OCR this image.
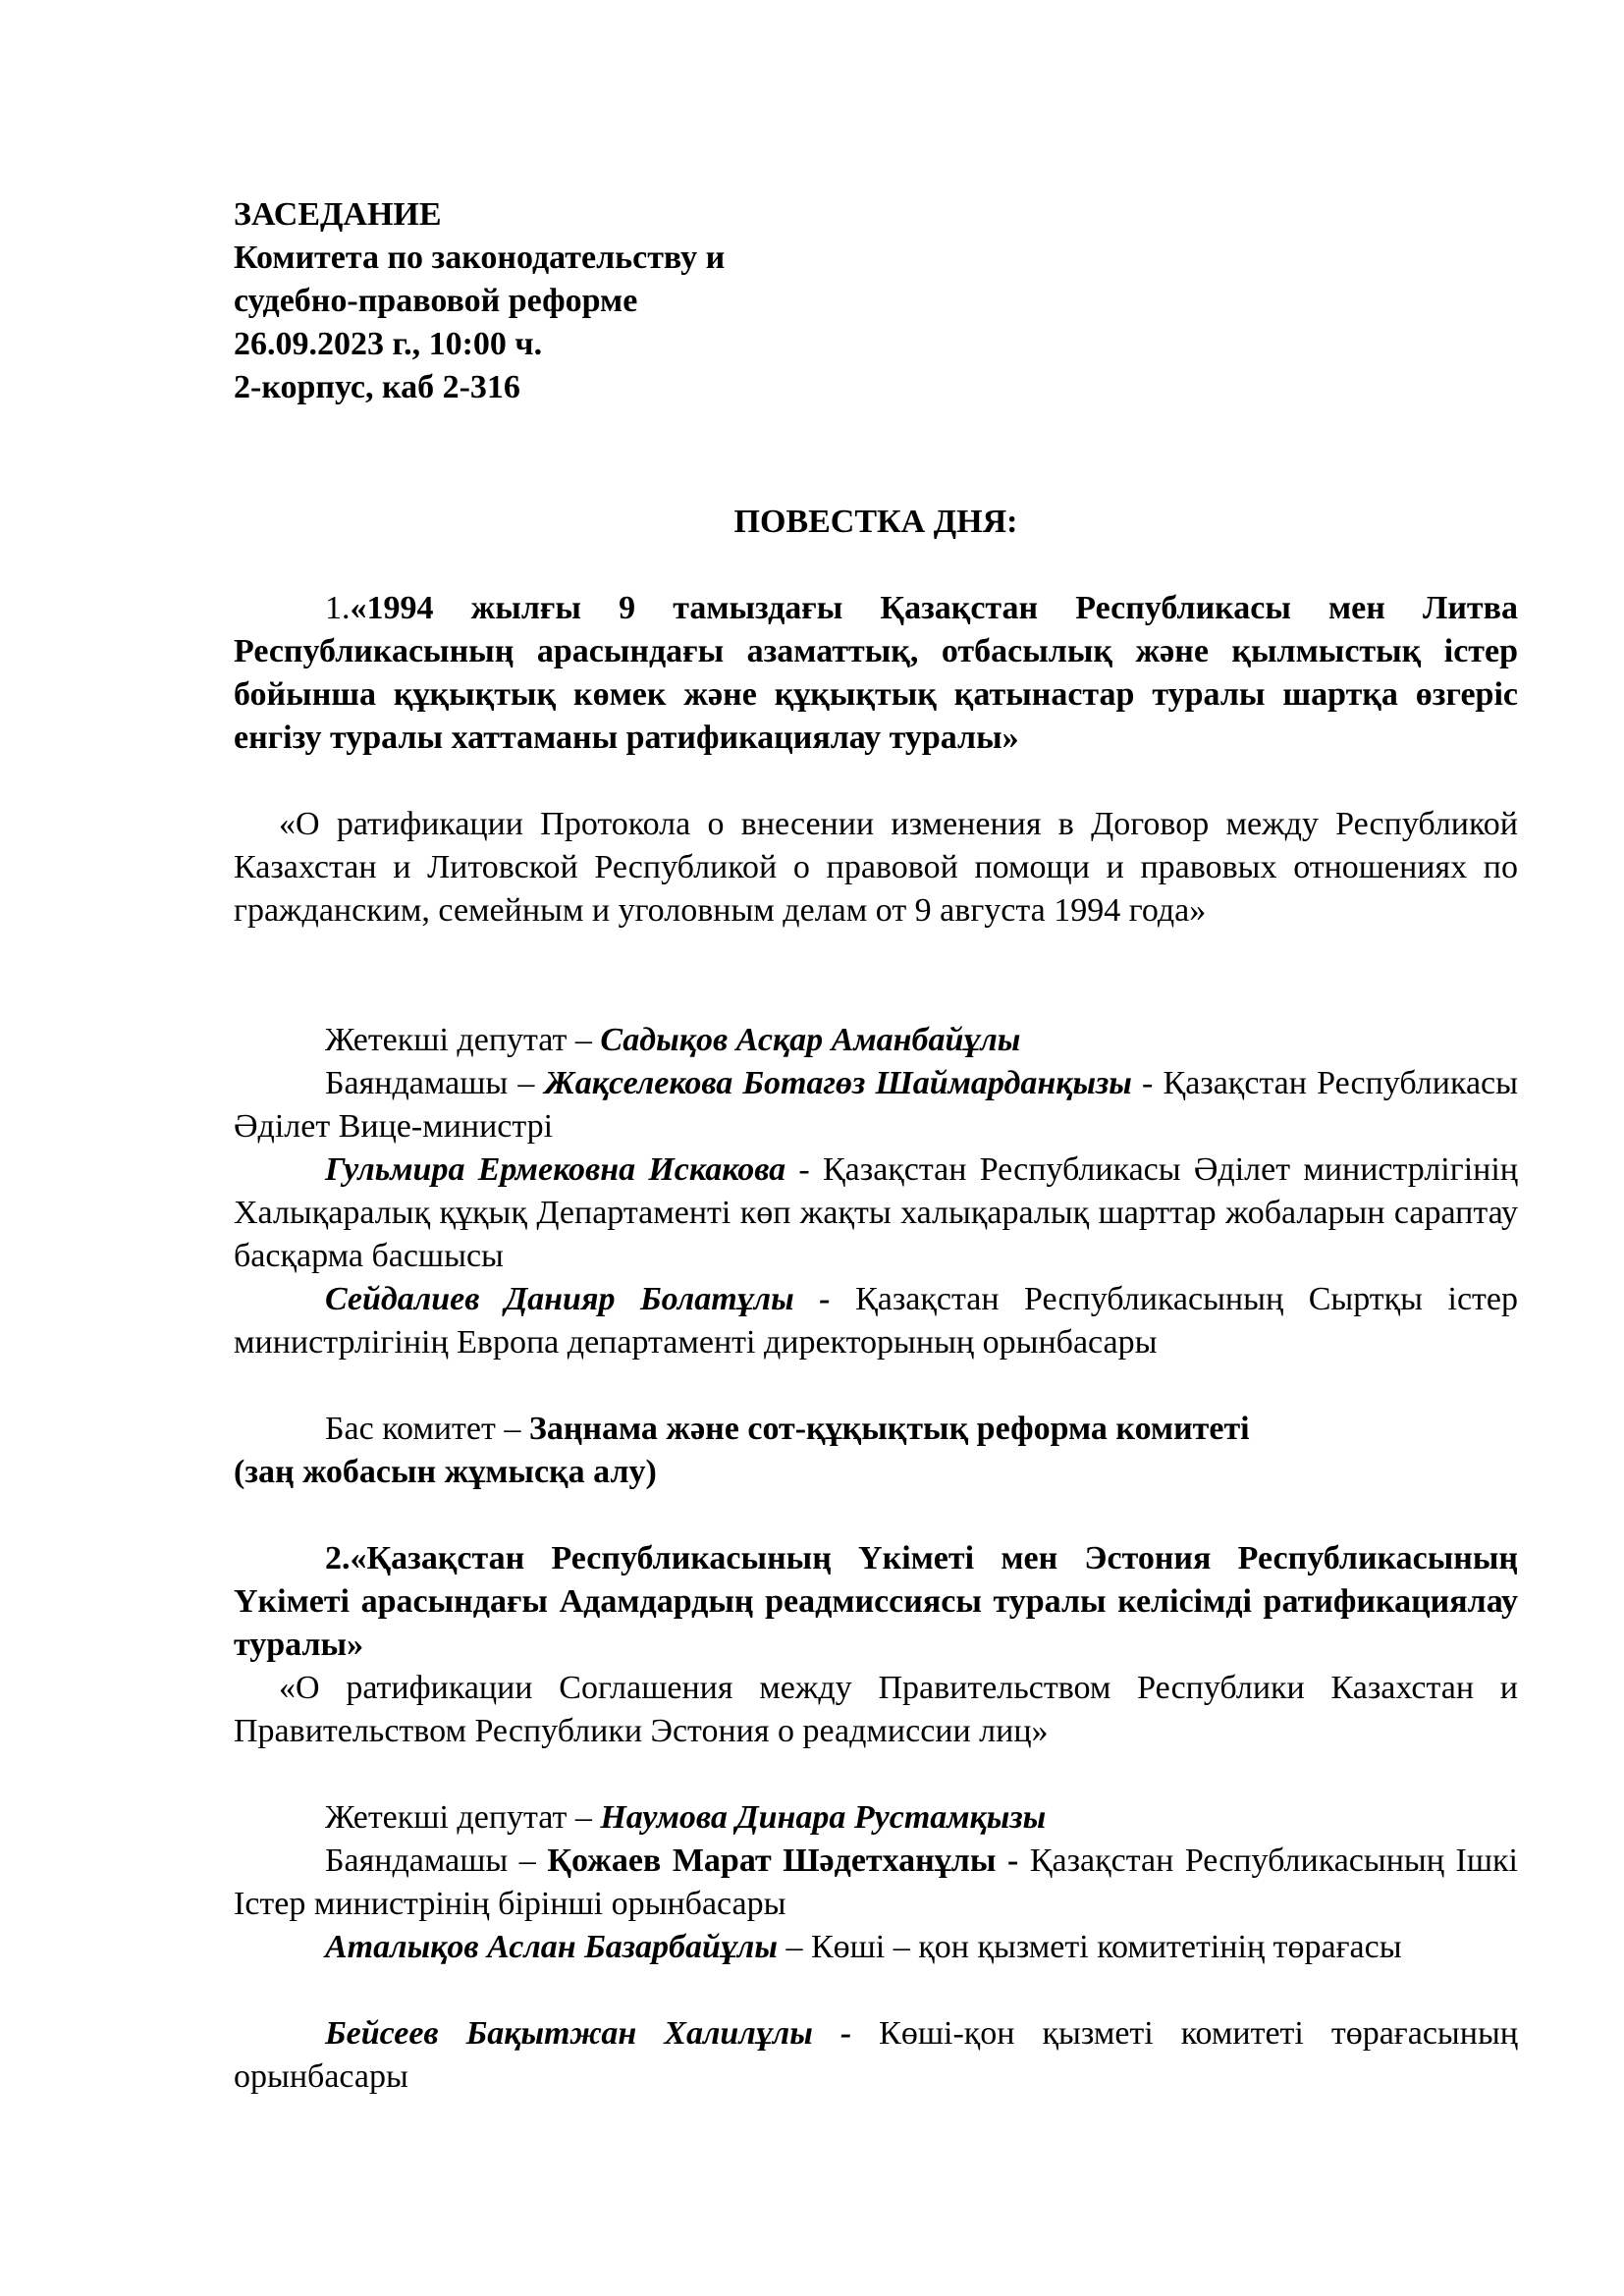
ЗАСЕДАНИЕ
Комитета по законодательству и
судебно-правовой реформе
26.09.2023 г., 10:00 ч.
2-корпус, каб 2-316
ПОВЕСТКА ДНЯ:
1.«1994 жылғы 9 тамыздағы Қазақстан Республикасы мен Литва Республикасының арасындағы азаматтық, отбасылық және қылмыстық істер бойынша құқықтық көмек және құқықтық қатынастар туралы шартқа өзгеріс енгізу туралы хаттаманы ратификациялау туралы»
«О ратификации Протокола о внесении изменения в Договор между Республикой Казахстан и Литовской Республикой о правовой помощи и правовых отношениях по гражданским, семейным и уголовным делам от 9 августа 1994 года»
Жетекші депутат – Садықов Асқар Аманбайұлы
Баяндамашы – Жақселекова Ботагөз Шаймарданқызы - Қазақстан Республикасы Әділет Вице-министрі
Гульмира Ермековна Искакова - Қазақстан Республикасы Әділет министрлігінің Халықаралық құқық Департаменті көп жақты халықаралық шарттар жобаларын сараптау басқарма басшысы
Сейдалиев Данияр Болатұлы - Қазақстан Республикасының Сыртқы істер министрлігінің Европа департаменті директорының орынбасары
Бас комитет – Заңнама және сот-құқықтық реформа комитеті
(заң жобасын жұмысқа алу)
2.«Қазақстан Республикасының Үкіметі мен Эстония Республикасының Үкіметі арасындағы Адамдардың реадмиссиясы туралы келісімді ратификациялау туралы»
«О ратификации Соглашения между Правительством Республики Казахстан и Правительством Республики Эстония о реадмиссии лиц»
Жетекші депутат – Наумова Динара Рустамқызы
Баяндамашы – Қожаев Марат Шәдетханұлы - Қазақстан Республикасының Ішкі Істер министрінің бірінші орынбасары
Аталықов Аслан Базарбайұлы – Көші – қон қызметі комитетінің төрағасы
Бейсеев Бақытжан Халилұлы - Көші-қон қызметі комитеті төрағасының орынбасары
